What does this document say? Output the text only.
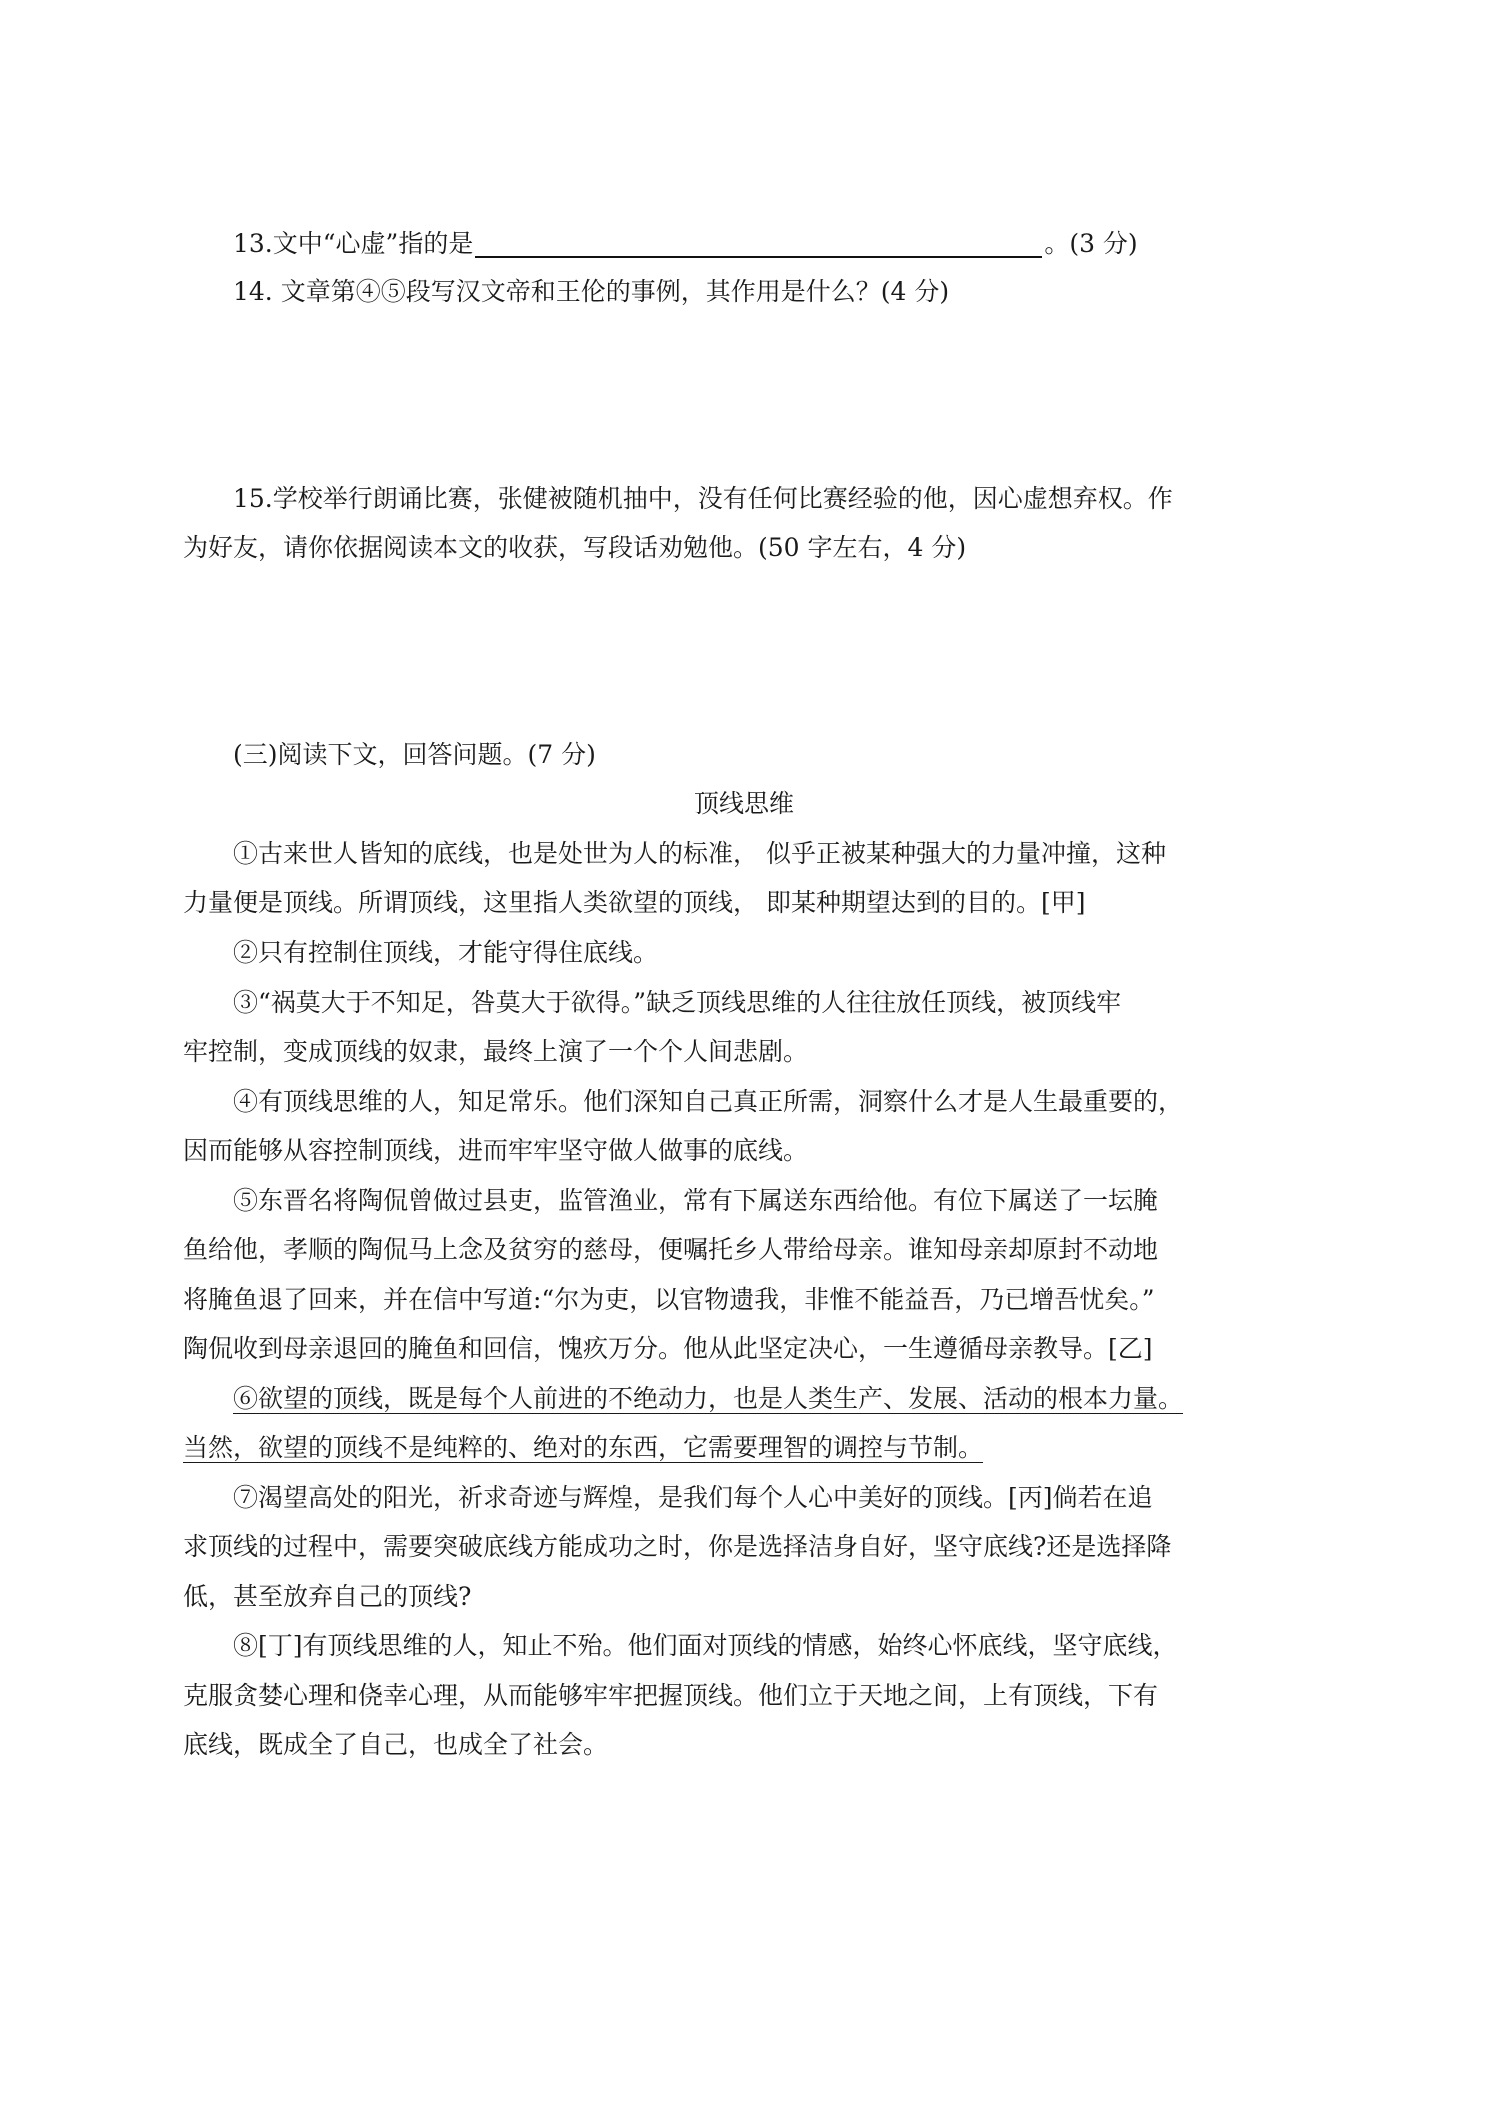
13.文中“心虚”指的是	。(3 分)
14. 文章第④⑤段写汉文帝和王伦的事例，其作用是什么？(4 分)
15.学校举行朗诵比赛，张健被随机抽中，没有任何比赛经验的他，因心虚想弃权。作
为好友，请你依据阅读本文的收获，写段话劝勉他。(50 字左右，4 分)
(三)阅读下文，回答问题。(7 分)
顶线思维
①古来世人皆知的底线，也是处世为人的标准， 似乎正被某种强大的力量冲撞，这种
力量便是顶线。所谓顶线，这里指人类欲望的顶线， 即某种期望达到的目的。[甲]
②只有控制住顶线，才能守得住底线。
③“祸莫大于不知足，咎莫大于欲得。”缺乏顶线思维的人往往放任顶线，被顶线牢
牢控制，变成顶线的奴隶，最终上演了一个个人间悲剧。
④有顶线思维的人，知足常乐。他们深知自己真正所需，洞察什么才是人生最重要的，
因而能够从容控制顶线，进而牢牢坚守做人做事的底线。
⑤东晋名将陶侃曾做过县吏，监管渔业，常有下属送东西给他。有位下属送了一坛腌
鱼给他，孝顺的陶侃马上念及贫穷的慈母，便嘱托乡人带给母亲。谁知母亲却原封不动地
将腌鱼退了回来，并在信中写道:“尔为吏，以官物遗我，非惟不能益吾，乃已增吾忧矣。”
陶侃收到母亲退回的腌鱼和回信，愧疚万分。他从此坚定决心，一生遵循母亲教导。[乙]
⑥欲望的顶线，既是每个人前进的不绝动力，也是人类生产、发展、活动的根本力量。
当然，欲望的顶线不是纯粹的、绝对的东西，它需要理智的调控与节制。
⑦渴望高处的阳光，祈求奇迹与辉煌，是我们每个人心中美好的顶线。[丙]倘若在追
求顶线的过程中，需要突破底线方能成功之时，你是选择洁身自好，坚守底线?还是选择降
低，甚至放弃自己的顶线?
⑧[丁]有顶线思维的人，知止不殆。他们面对顶线的情感，始终心怀底线，坚守底线，
克服贪婪心理和侥幸心理，从而能够牢牢把握顶线。他们立于天地之间，上有顶线，下有
底线，既成全了自己，也成全了社会。
